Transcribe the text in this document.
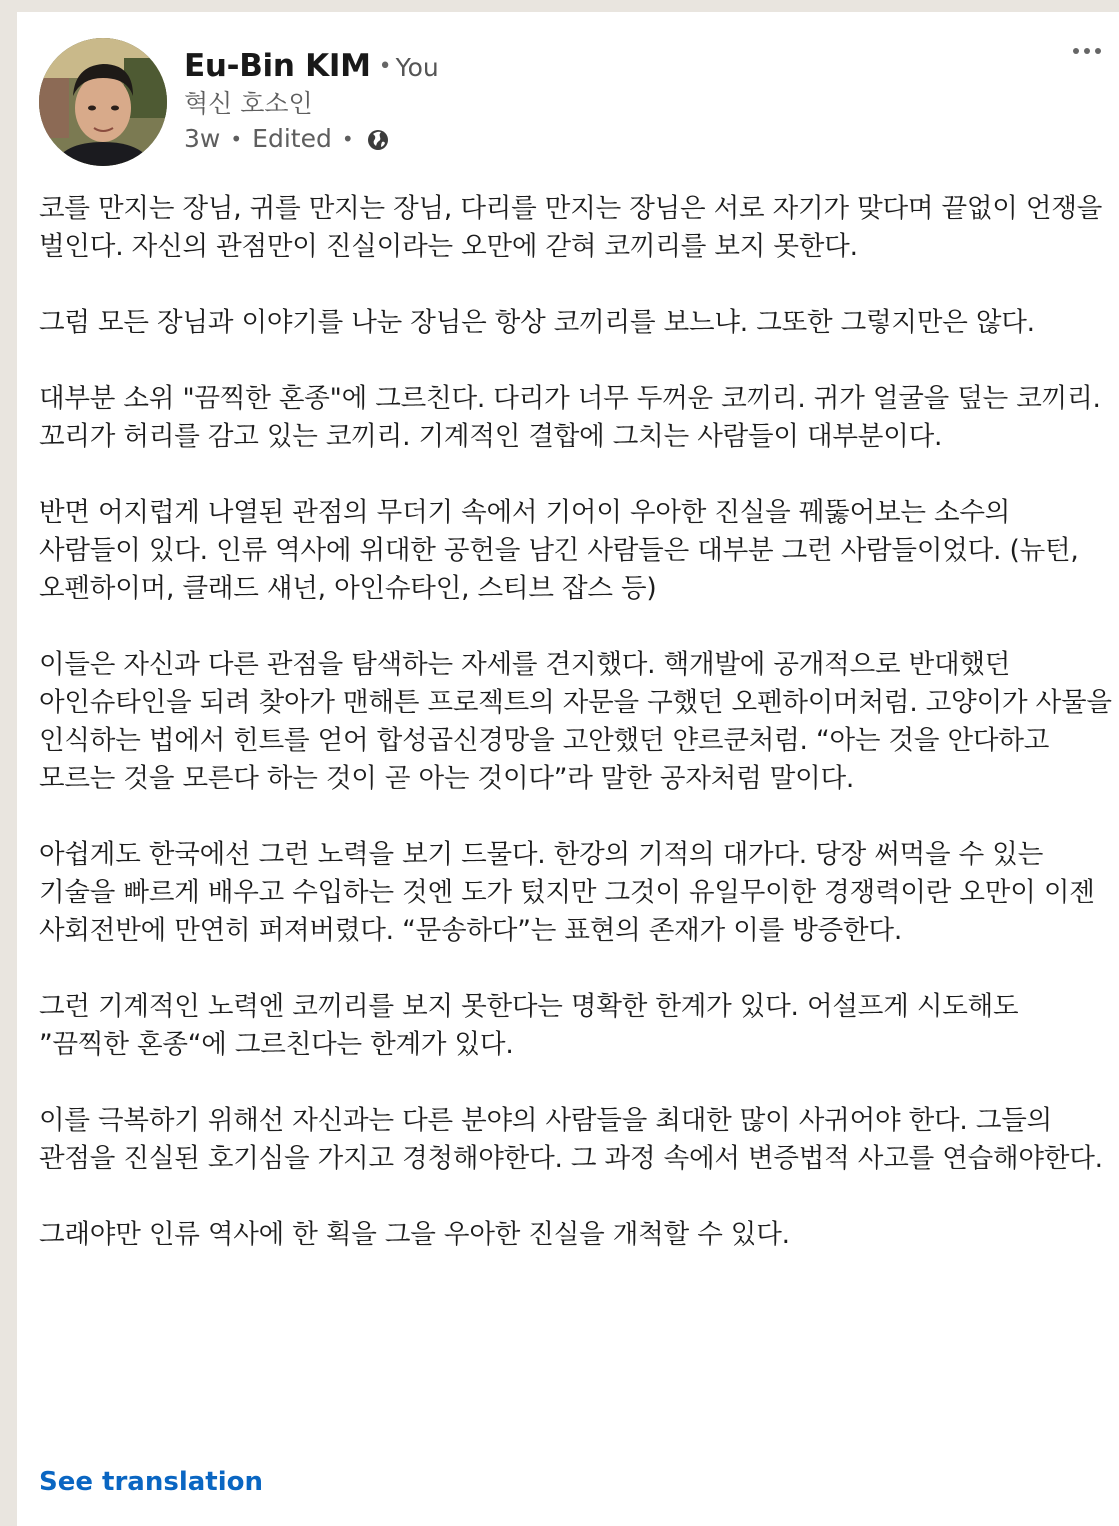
Eu-Bin KIM • You
혁신 호소인
3w • Edited •

코를 만지는 장님, 귀를 만지는 장님, 다리를 만지는 장님은 서로 자기가 맞다며 끝없이 언쟁을 벌인다. 자신의 관점만이 진실이라는 오만에 갇혀 코끼리를 보지 못한다.

그럼 모든 장님과 이야기를 나눈 장님은 항상 코끼리를 보느냐. 그또한 그렇지만은 않다.

대부분 소위 "끔찍한 혼종"에 그르친다. 다리가 너무 두꺼운 코끼리. 귀가 얼굴을 덮는 코끼리. 꼬리가 허리를 감고 있는 코끼리. 기계적인 결합에 그치는 사람들이 대부분이다.

반면 어지럽게 나열된 관점의 무더기 속에서 기어이 우아한 진실을 꿰뚫어보는 소수의 사람들이 있다. 인류 역사에 위대한 공헌을 남긴 사람들은 대부분 그런 사람들이었다. (뉴턴, 오펜하이머, 클래드 섀넌, 아인슈타인, 스티브 잡스 등)

이들은 자신과 다른 관점을 탐색하는 자세를 견지했다. 핵개발에 공개적으로 반대했던 아인슈타인을 되려 찾아가 맨해튼 프로젝트의 자문을 구했던 오펜하이머처럼. 고양이가 사물을 인식하는 법에서 힌트를 얻어 합성곱신경망을 고안했던 얀르쿤처럼. “아는 것을 안다하고 모르는 것을 모른다 하는 것이 곧 아는 것이다”라 말한 공자처럼 말이다.

아쉽게도 한국에선 그런 노력을 보기 드물다. 한강의 기적의 대가다. 당장 써먹을 수 있는 기술을 빠르게 배우고 수입하는 것엔 도가 텄지만 그것이 유일무이한 경쟁력이란 오만이 이젠 사회전반에 만연히 퍼져버렸다. “문송하다”는 표현의 존재가 이를 방증한다.

그런 기계적인 노력엔 코끼리를 보지 못한다는 명확한 한계가 있다. 어설프게 시도해도 ”끔찍한 혼종“에 그르친다는 한계가 있다.

이를 극복하기 위해선 자신과는 다른 분야의 사람들을 최대한 많이 사귀어야 한다. 그들의 관점을 진실된 호기심을 가지고 경청해야한다. 그 과정 속에서 변증법적 사고를 연습해야한다.

그래야만 인류 역사에 한 획을 그을 우아한 진실을 개척할 수 있다.

See translation
